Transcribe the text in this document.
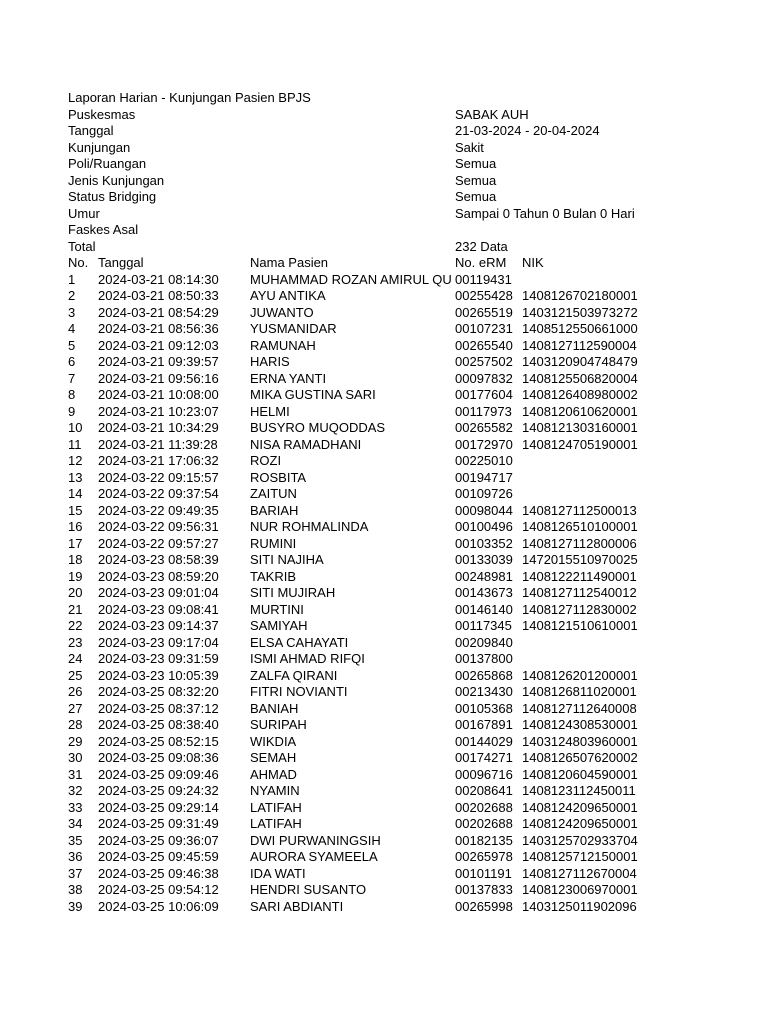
Laporan Harian - Kunjungan Pasien BPJS
Puskesmas	SABAK AUH
Tanggal	21-03-2024 - 20-04-2024
Kunjungan	Sakit
Poli/Ruangan	Semua
Jenis Kunjungan	Semua
Status Bridging	Semua
Umur	Sampai 0 Tahun 0 Bulan 0 Hari
Faskes Asal
Total	232 Data
No. Tanggal	Nama Pasien	No. eRM NIK
1 2024-03-21 08:14:30 MUHAMMAD ROZAN AMIRUL QU 00119431
2 2024-03-21 08:50:33 AYU ANTIKA	00255428 1408126702180001
3 2024-03-21 08:54:29 JUWANTO	00265519 1403121503973272
4 2024-03-21 08:56:36 YUSMANIDAR	00107231 1408512550661000
5 2024-03-21 09:12:03 RAMUNAH	00265540 1408127112590004
6 2024-03-21 09:39:57 HARIS	00257502 1403120904748479
7 2024-03-21 09:56:16 ERNA YANTI	00097832 1408125506820004
8 2024-03-21 10:08:00 MIKA GUSTINA SARI	00177604 1408126408980002
9 2024-03-21 10:23:07 HELMI	00117973 1408120610620001
10 2024-03-21 10:34:29 BUSYRO MUQODDAS	00265582 1408121303160001
11 2024-03-21 11:39:28 NISA RAMADHANI	00172970 1408124705190001
12 2024-03-21 17:06:32 ROZI	00225010
13 2024-03-22 09:15:57 ROSBITA	00194717
14 2024-03-22 09:37:54 ZAITUN	00109726
15 2024-03-22 09:49:35 BARIAH	00098044 1408127112500013
16 2024-03-22 09:56:31 NUR ROHMALINDA	00100496 1408126510100001
17 2024-03-22 09:57:27 RUMINI	00103352 1408127112800006
18 2024-03-23 08:58:39 SITI NAJIHA	00133039 1472015510970025
19 2024-03-23 08:59:20 TAKRIB	00248981 1408122211490001
20 2024-03-23 09:01:04 SITI MUJIRAH	00143673 1408127112540012
21 2024-03-23 09:08:41 MURTINI	00146140 1408127112830002
22 2024-03-23 09:14:37 SAMIYAH	00117345 1408121510610001
23 2024-03-23 09:17:04 ELSA CAHAYATI	00209840
24 2024-03-23 09:31:59 ISMI AHMAD RIFQI	00137800
25 2024-03-23 10:05:39 ZALFA QIRANI	00265868 1408126201200001
26 2024-03-25 08:32:20 FITRI NOVIANTI	00213430 1408126811020001
27 2024-03-25 08:37:12 BANIAH	00105368 1408127112640008
28 2024-03-25 08:38:40 SURIPAH	00167891 1408124308530001
29 2024-03-25 08:52:15 WIKDIA	00144029 1403124803960001
30 2024-03-25 09:08:36 SEMAH	00174271 1408126507620002
31 2024-03-25 09:09:46 AHMAD	00096716 1408120604590001
32 2024-03-25 09:24:32 NYAMIN	00208641 1408123112450011
33 2024-03-25 09:29:14 LATIFAH	00202688 1408124209650001
34 2024-03-25 09:31:49 LATIFAH	00202688 1408124209650001
35 2024-03-25 09:36:07 DWI PURWANINGSIH	00182135 1403125702933704
36 2024-03-25 09:45:59 AURORA SYAMEELA	00265978 1408125712150001
37 2024-03-25 09:46:38 IDA WATI	00101191 1408127112670004
38 2024-03-25 09:54:12 HENDRI SUSANTO	00137833 1408123006970001
39 2024-03-25 10:06:09 SARI ABDIANTI	00265998 1403125011902096
